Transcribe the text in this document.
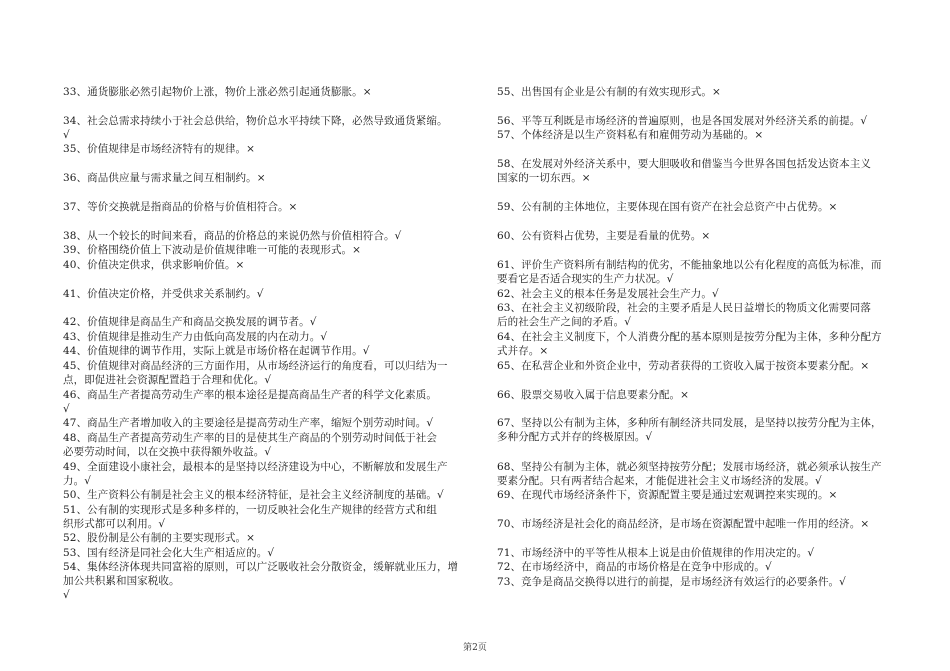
33、通货膨胀必然引起物价上涨，物价上涨必然引起通货膨胀。×
34、社会总需求持续小于社会总供给，物价总水平持续下降，必然导致通货紧缩。
√
35、价值规律是市场经济特有的规律。×
36、商品供应量与需求量之间互相制约。×
37、等价交换就是指商品的价格与价值相符合。×
38、从一个较长的时间来看，商品的价格总的来说仍然与价值相符合。√
39、价格围绕价值上下波动是价值规律唯一可能的表现形式。×
40、价值决定供求，供求影响价值。×
41、价值决定价格，并受供求关系制约。√
42、价值规律是商品生产和商品交换发展的调节者。√
43、价值规律是推动生产力由低向高发展的内在动力。√
44、价值规律的调节作用，实际上就是市场价格在起调节作用。√
45、价值规律对商品经济的三方面作用，从市场经济运行的角度看，可以归结为一
点，即促进社会资源配置趋于合理和优化。√
46、商品生产者提高劳动生产率的根本途径是提高商品生产者的科学文化素质。
√
47、商品生产者增加收入的主要途径是提高劳动生产率，缩短个别劳动时间。√
48、商品生产者提高劳动生产率的目的是使其生产商品的个别劳动时间低于社会
必要劳动时间，以在交换中获得额外收益。√
49、全面建设小康社会，最根本的是坚持以经济建设为中心，不断解放和发展生产
力。√
50、生产资料公有制是社会主义的根本经济特征，是社会主义经济制度的基础。√
51、公有制的实现形式是多种多样的，一切反映社会化生产规律的经营方式和组
织形式都可以利用。√
52、股份制是公有制的主要实现形式。×
53、国有经济是同社会化大生产相适应的。√
54、集体经济体现共同富裕的原则，可以广泛吸收社会分散资金，缓解就业压力，增加公共积累和国家税收。
√
55、出售国有企业是公有制的有效实现形式。×
56、平等互利既是市场经济的普遍原则，也是各国发展对外经济关系的前提。√
57、个体经济是以生产资料私有和雇佣劳动为基础的。×
58、在发展对外经济关系中，要大胆吸收和借鉴当今世界各国包括发达资本主义
国家的一切东西。×
59、公有制的主体地位，主要体现在国有资产在社会总资产中占优势。×
60、公有资料占优势，主要是看量的优势。×
61、评价生产资料所有制结构的优劣，不能抽象地以公有化程度的高低为标准，而
要看它是否适合现实的生产力状况。√
62、社会主义的根本任务是发展社会生产力。√
63、在社会主义初级阶段，社会的主要矛盾是人民日益增长的物质文化需要同落
后的社会生产之间的矛盾。√
64、在社会主义制度下，个人消费分配的基本原则是按劳分配为主体，多种分配方
式并存。×
65、在私营企业和外资企业中，劳动者获得的工资收入属于按资本要素分配。×
66、股票交易收入属于信息要素分配。×
67、坚持以公有制为主体，多种所有制经济共同发展，是坚持以按劳分配为主体，
多种分配方式并存的终极原因。√
68、坚持公有制为主体，就必须坚持按劳分配；发展市场经济，就必须承认按生产
要素分配。只有两者结合起来，才能促进社会主义市场经济的发展。√
69、在现代市场经济条件下，资源配置主要是通过宏观调控来实现的。×
70、市场经济是社会化的商品经济，是市场在资源配置中起唯一作用的经济。×
71、市场经济中的平等性从根本上说是由价值规律的作用决定的。√
72、在市场经济中，商品的市场价格是在竞争中形成的。√
73、竞争是商品交换得以进行的前提，是市场经济有效运行的必要条件。√
第2页
